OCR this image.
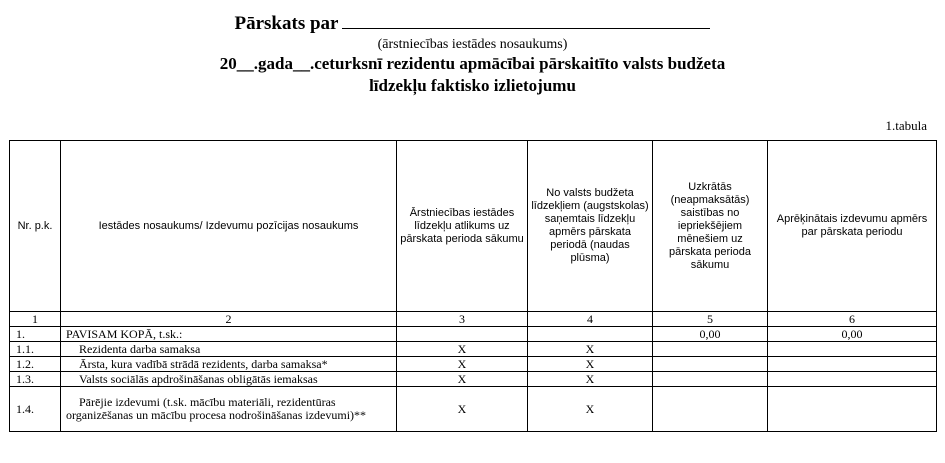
Pārskats par
(ārstniecības iestādes nosaukums)
20__.gada__.ceturksnī rezidentu apmācībai pārskaitīto valsts budžeta
līdzekļu faktisko izlietojumu
1.tabula
Nr. p.k.	Iestādes nosaukums/ Izdevumu pozīcijas nosaukums	Ārstniecības iestādes līdzekļu atlikums uz pārskata perioda sākumu	No valsts budžeta līdzekļiem (augstskolas) saņemtais līdzekļu apmērs pārskata periodā (naudas plūsma)	Uzkrātās (neapmaksātās) saistības no iepriekšējiem mēnešiem uz pārskata perioda sākumu	Aprēķinātais izdevumu apmērs par pārskata periodu
1	2	3	4	5	6
1.	PAVISAM KOPĀ, t.sk.:			0,00	0,00
1.1.	Rezidenta darba samaksa	X	X		
1.2.	Ārsta, kura vadībā strādā rezidents, darba samaksa*	X	X		
1.3.	Valsts sociālās apdrošināšanas obligātās iemaksas	X	X		
1.4.	Pārējie izdevumi (t.sk. mācību materiāli, rezidentūras organizēšanas un mācību procesa nodrošināšanas izdevumi)**	X	X		
